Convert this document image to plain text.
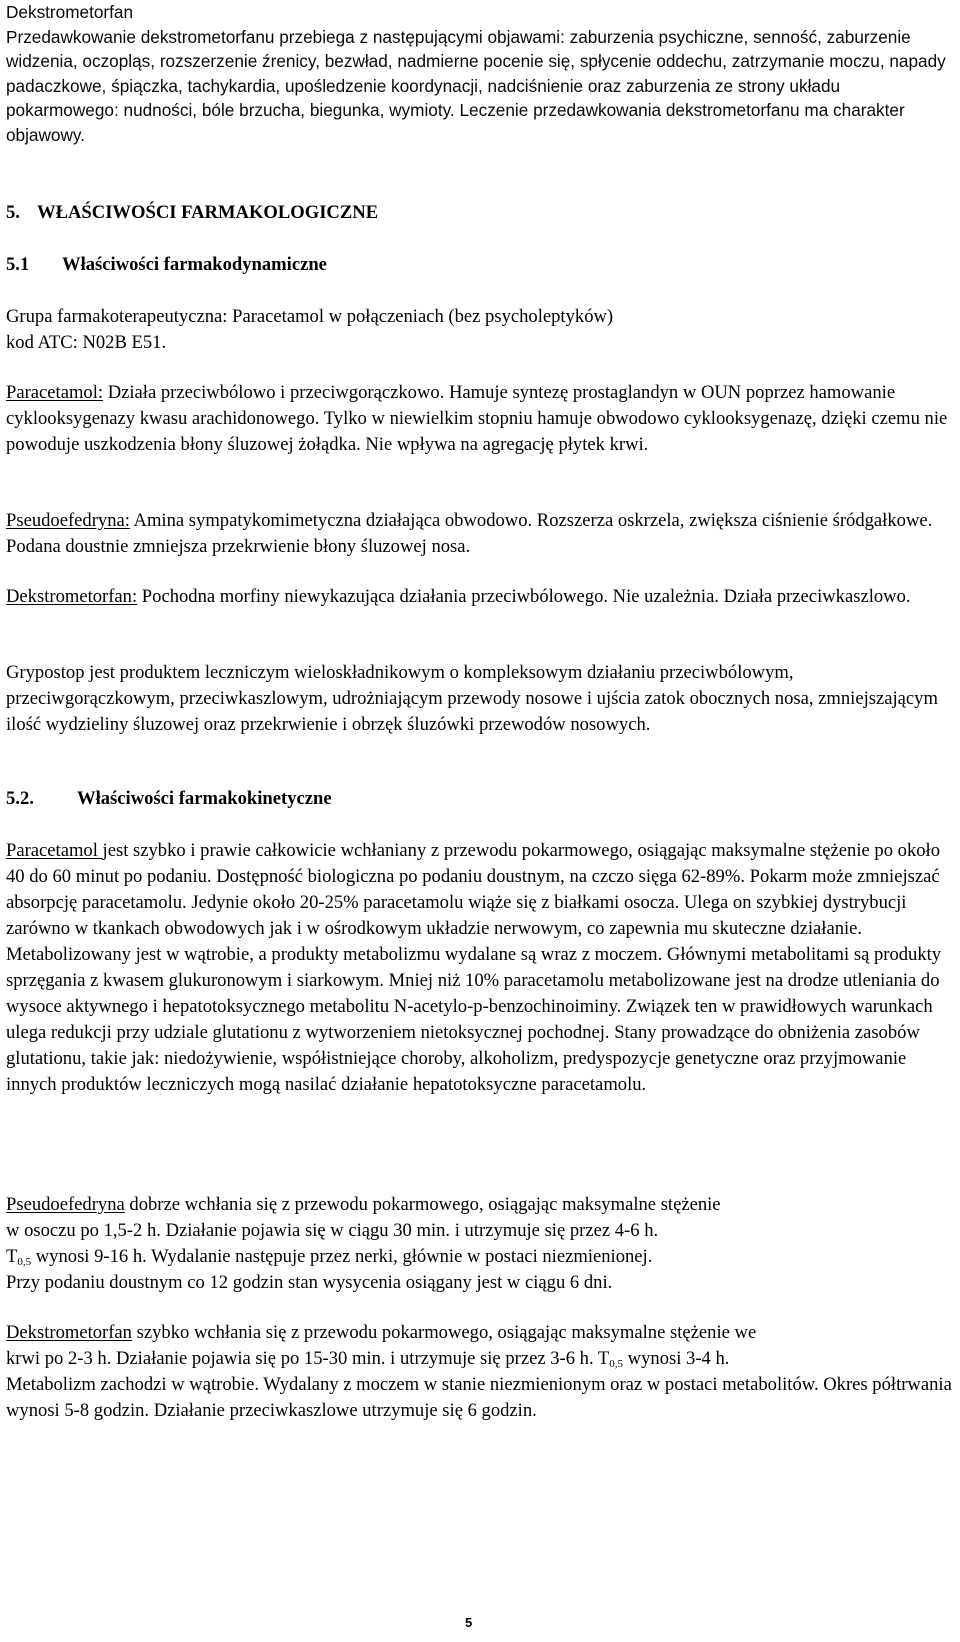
Dekstrometorfan
Przedawkowanie dekstrometorfanu przebiega z następującymi objawami: zaburzenia psychiczne, senność, zaburzenie widzenia, oczopląs, rozszerzenie źrenicy, bezwład, nadmierne pocenie się, spłycenie oddechu, zatrzymanie moczu, napady padaczkowe, śpiączka, tachykardia, upośledzenie koordynacji, nadciśnienie oraz zaburzenia ze strony układu pokarmowego: nudności, bóle brzucha, biegunka, wymioty. Leczenie przedawkowania dekstrometorfanu ma charakter objawowy.
5. WŁAŚCIWOŚCI FARMAKOLOGICZNE
5.1 Właściwości farmakodynamiczne
Grupa farmakoterapeutyczna: Paracetamol w połączeniach (bez psycholeptyków)
kod ATC: N02B E51.

Paracetamol: Działa przeciwbólowo i przeciwgorączkowo. Hamuje syntezę prostaglandyn w OUN poprzez hamowanie cyklooksygenazy kwasu arachidonowego. Tylko w niewielkim stopniu hamuje obwodowo cyklooksygenazę, dzięki czemu nie powoduje uszkodzenia błony śluzowej żołądka. Nie wpływa na agregację płytek krwi.

Pseudoefedryna: Amina sympatykomimetyczna działająca obwodowo. Rozszerza oskrzela, zwiększa ciśnienie śródgałkowe. Podana doustnie zmniejsza przekrwienie błony śluzowej nosa.

Dekstrometorfan: Pochodna morfiny niewykazująca działania przeciwbólowego. Nie uzależnia. Działa przeciwkaszlowo.

Grypostop jest produktem leczniczym wieloskładnikowym o kompleksowym działaniu przeciwbólowym, przeciwgorączkowym, przeciwkaszlowym, udrożniającym przewody nosowe i ujścia zatok obocznych nosa, zmniejszającym ilość wydzieliny śluzowej oraz przekrwienie i obrzęk śluzówki przewodów nosowych.

5.2. Właściwości farmakokinetyczne

Paracetamol jest szybko i prawie całkowicie wchłaniany z przewodu pokarmowego, osiągając maksymalne stężenie po około 40 do 60 minut po podaniu. Dostępność biologiczna po podaniu doustnym, na czczo sięga 62-89%. Pokarm może zmniejszać absorpcję paracetamolu. Jedynie około 20-25% paracetamolu wiąże się z białkami osocza. Ulega on szybkiej dystrybucji zarówno w tkankach obwodowych jak i w ośrodkowym układzie nerwowym, co zapewnia mu skuteczne działanie. Metabolizowany jest w wątrobie, a produkty metabolizmu wydalane są wraz z moczem. Głównymi metabolitami są produkty sprzęgania z kwasem glukuronowym i siarkowym. Mniej niż 10% paracetamolu metabolizowane jest na drodze utleniania do wysoce aktywnego i hepatotoksycznego metabolitu N-acetylo-p-benzochinoiminy. Związek ten w prawidłowych warunkach ulega redukcji przy udziale glutationu z wytworzeniem nietoksycznej pochodnej. Stany prowadzące do obniżenia zasobów glutationu, takie jak: niedożywienie, współistniejące choroby, alkoholizm, predyspozycje genetyczne oraz przyjmowanie innych produktów leczniczych mogą nasilać działanie hepatotoksyczne paracetamolu.

Pseudoefedryna dobrze wchłania się z przewodu pokarmowego, osiągając maksymalne stężenie
w osoczu po 1,5-2 h. Działanie pojawia się w ciągu 30 min. i utrzymuje się przez 4-6 h.
$T_{0,5}$ wynosi 9-16 h. Wydalanie następuje przez nerki, głównie w postaci niezmienionej.
Przy podaniu doustnym co 12 godzin stan wysycenia osiągany jest w ciągu 6 dni.
Dekstrometorfan szybko wchłania się z przewodu pokarmowego, osiągając maksymalne stężenie we
krwi po 2-3 h. Działanie pojawia się po 15-30 min. i utrzymuje się przez 3-6 h. $T_{0,5}$ wynosi 3-4 h.
Metabolizm zachodzi w wątrobie. Wydalany z moczem w stanie niezmienionym oraz w postaci metabolitów. Okres półtrwania wynosi 5-8 godzin. Działanie przeciwkaszlowe utrzymuje się 6 godzin.
5
